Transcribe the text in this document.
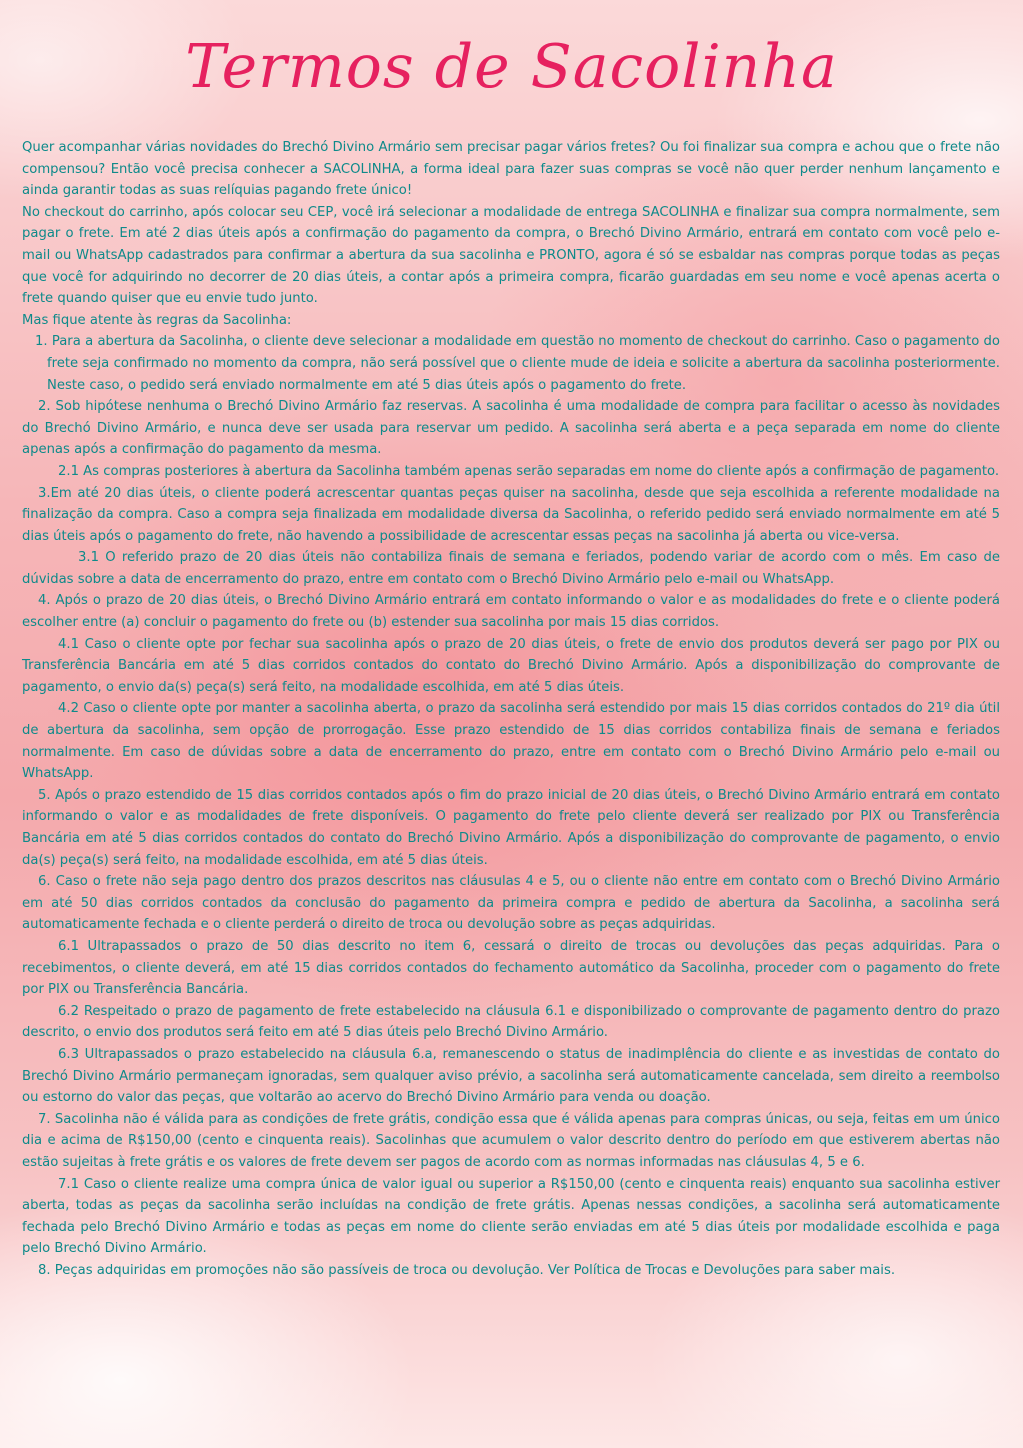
Termos de Sacolinha

Quer acompanhar várias novidades do Brechó Divino Armário sem precisar pagar vários fretes? Ou foi finalizar sua compra e achou que o frete não compensou? Então você precisa conhecer a SACOLINHA, a forma ideal para fazer suas compras se você não quer perder nenhum lançamento e ainda garantir todas as suas relíquias pagando frete único!

No checkout do carrinho, após colocar seu CEP, você irá selecionar a modalidade de entrega SACOLINHA e finalizar sua compra normalmente, sem pagar o frete. Em até 2 dias úteis após a confirmação do pagamento da compra, o Brechó Divino Armário, entrará em contato com você pelo e-mail ou WhatsApp cadastrados para confirmar a abertura da sua sacolinha e PRONTO, agora é só se esbaldar nas compras porque todas as peças que você for adquirindo no decorrer de 20 dias úteis, a contar após a primeira compra, ficarão guardadas em seu nome e você apenas acerta o frete quando quiser que eu envie tudo junto.

Mas fique atente às regras da Sacolinha:

1. Para a abertura da Sacolinha, o cliente deve selecionar a modalidade em questão no momento de checkout do carrinho. Caso o pagamento do frete seja confirmado no momento da compra, não será possível que o cliente mude de ideia e solicite a abertura da sacolinha posteriormente. Neste caso, o pedido será enviado normalmente em até 5 dias úteis após o pagamento do frete.

2. Sob hipótese nenhuma o Brechó Divino Armário faz reservas. A sacolinha é uma modalidade de compra para facilitar o acesso às novidades do Brechó Divino Armário, e nunca deve ser usada para reservar um pedido. A sacolinha será aberta e a peça separada em nome do cliente apenas após a confirmação do pagamento da mesma.

2.1 As compras posteriores à abertura da Sacolinha também apenas serão separadas em nome do cliente após a confirmação de pagamento.

3.Em até 20 dias úteis, o cliente poderá acrescentar quantas peças quiser na sacolinha, desde que seja escolhida a referente modalidade na finalização da compra. Caso a compra seja finalizada em modalidade diversa da Sacolinha, o referido pedido será enviado normalmente em até 5 dias úteis após o pagamento do frete, não havendo a possibilidade de acrescentar essas peças na sacolinha já aberta ou vice-versa.

3.1 O referido prazo de 20 dias úteis não contabiliza finais de semana e feriados, podendo variar de acordo com o mês. Em caso de dúvidas sobre a data de encerramento do prazo, entre em contato com o Brechó Divino Armário pelo e-mail ou WhatsApp.

4. Após o prazo de 20 dias úteis, o Brechó Divino Armário entrará em contato informando o valor e as modalidades do frete e o cliente poderá escolher entre (a) concluir o pagamento do frete ou (b) estender sua sacolinha por mais 15 dias corridos.

4.1 Caso o cliente opte por fechar sua sacolinha após o prazo de 20 dias úteis, o frete de envio dos produtos deverá ser pago por PIX ou Transferência Bancária em até 5 dias corridos contados do contato do Brechó Divino Armário. Após a disponibilização do comprovante de pagamento, o envio da(s) peça(s) será feito, na modalidade escolhida, em até 5 dias úteis.

4.2 Caso o cliente opte por manter a sacolinha aberta, o prazo da sacolinha será estendido por mais 15 dias corridos contados do 21º dia útil de abertura da sacolinha, sem opção de prorrogação. Esse prazo estendido de 15 dias corridos contabiliza finais de semana e feriados normalmente. Em caso de dúvidas sobre a data de encerramento do prazo, entre em contato com o Brechó Divino Armário pelo e-mail ou WhatsApp.

5. Após o prazo estendido de 15 dias corridos contados após o fim do prazo inicial de 20 dias úteis, o Brechó Divino Armário entrará em contato informando o valor e as modalidades de frete disponíveis. O pagamento do frete pelo cliente deverá ser realizado por PIX ou Transferência Bancária em até 5 dias corridos contados do contato do Brechó Divino Armário. Após a disponibilização do comprovante de pagamento, o envio da(s) peça(s) será feito, na modalidade escolhida, em até 5 dias úteis.

6. Caso o frete não seja pago dentro dos prazos descritos nas cláusulas 4 e 5, ou o cliente não entre em contato com o Brechó Divino Armário em até 50 dias corridos contados da conclusão do pagamento da primeira compra e pedido de abertura da Sacolinha, a sacolinha será automaticamente fechada e o cliente perderá o direito de troca ou devolução sobre as peças adquiridas.

6.1 Ultrapassados o prazo de 50 dias descrito no item 6, cessará o direito de trocas ou devoluções das peças adquiridas. Para o recebimentos, o cliente deverá, em até 15 dias corridos contados do fechamento automático da Sacolinha, proceder com o pagamento do frete por PIX ou Transferência Bancária.

6.2 Respeitado o prazo de pagamento de frete estabelecido na cláusula 6.1 e disponibilizado o comprovante de pagamento dentro do prazo descrito, o envio dos produtos será feito em até 5 dias úteis pelo Brechó Divino Armário.

6.3 Ultrapassados o prazo estabelecido na cláusula 6.a, remanescendo o status de inadimplência do cliente e as investidas de contato do Brechó Divino Armário permaneçam ignoradas, sem qualquer aviso prévio, a sacolinha será automaticamente cancelada, sem direito a reembolso ou estorno do valor das peças, que voltarão ao acervo do Brechó Divino Armário para venda ou doação.

7. Sacolinha não é válida para as condições de frete grátis, condição essa que é válida apenas para compras únicas, ou seja, feitas em um único dia e acima de R$150,00 (cento e cinquenta reais). Sacolinhas que acumulem o valor descrito dentro do período em que estiverem abertas não estão sujeitas à frete grátis e os valores de frete devem ser pagos de acordo com as normas informadas nas cláusulas 4, 5 e 6.

7.1 Caso o cliente realize uma compra única de valor igual ou superior a R$150,00 (cento e cinquenta reais) enquanto sua sacolinha estiver aberta, todas as peças da sacolinha serão incluídas na condição de frete grátis. Apenas nessas condições, a sacolinha será automaticamente fechada pelo Brechó Divino Armário e todas as peças em nome do cliente serão enviadas em até 5 dias úteis por modalidade escolhida e paga pelo Brechó Divino Armário.

8. Peças adquiridas em promoções não são passíveis de troca ou devolução. Ver Política de Trocas e Devoluções para saber mais.
